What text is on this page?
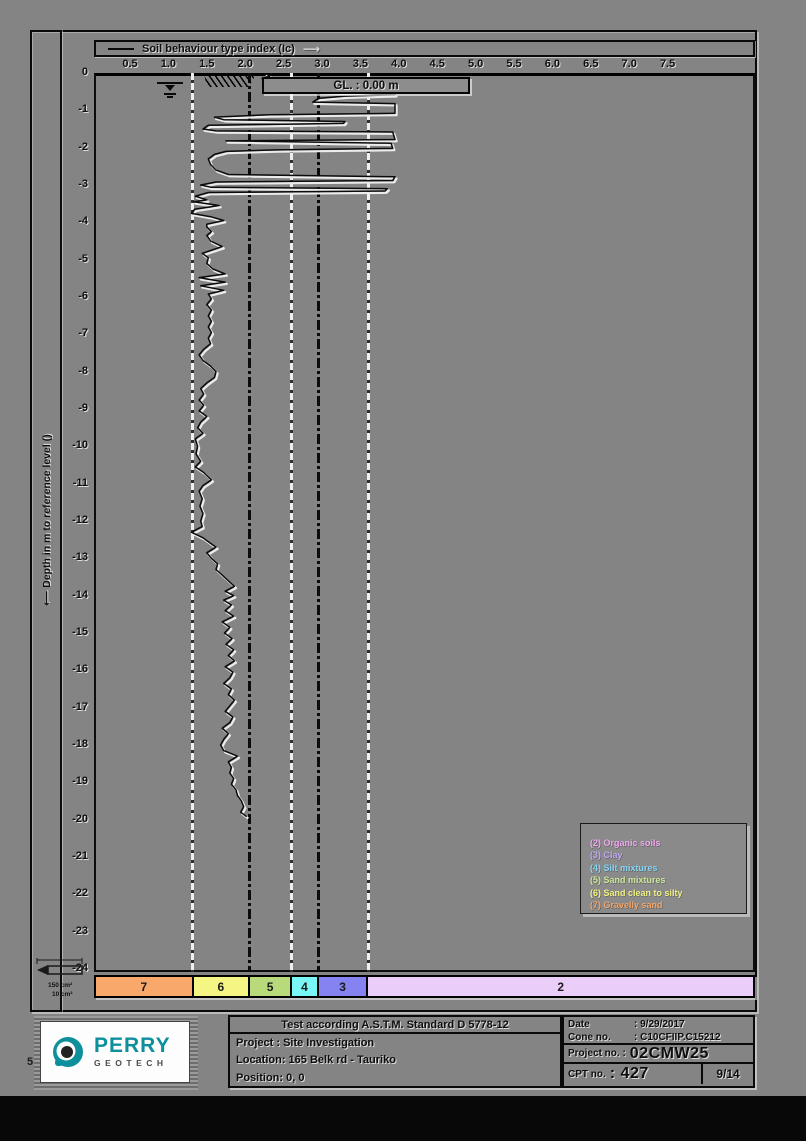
Soil behaviour type index (Ic) ⟶
0.5	1.0	1.5	2.0	2.5	3.0	3.5	4.0	4.5	5.0	5.5	6.0	6.5	7.0	7.5
0
-1
-2
-3
-4
-5
-6
-7
-8
-9
-10
-11
-12
-13
-14
-15
-16
-17
-18
-19
-20
-21
-22
-23
-24
⟵ Depth in m to reference level ()
GL. : 0.00 m
7	6	5	4	3	2
150 cm²
10 cm²
(2) Organic soils
(3) Clay
(4) Silt mixtures
(5) Sand mixtures
(6) Sand clean to silty
(7) Gravelly sand
5
PERRY
GEOTECH
Test according A.S.T.M. Standard D 5778-12
Project : Site Investigation
Location: 165 Belk rd - Tauriko
Position: 0, 0
Date	: 9/29/2017
Cone no.	: C10CFIIP.C15212
Project no. : 02CMW25
CPT no. : 427	9/14
